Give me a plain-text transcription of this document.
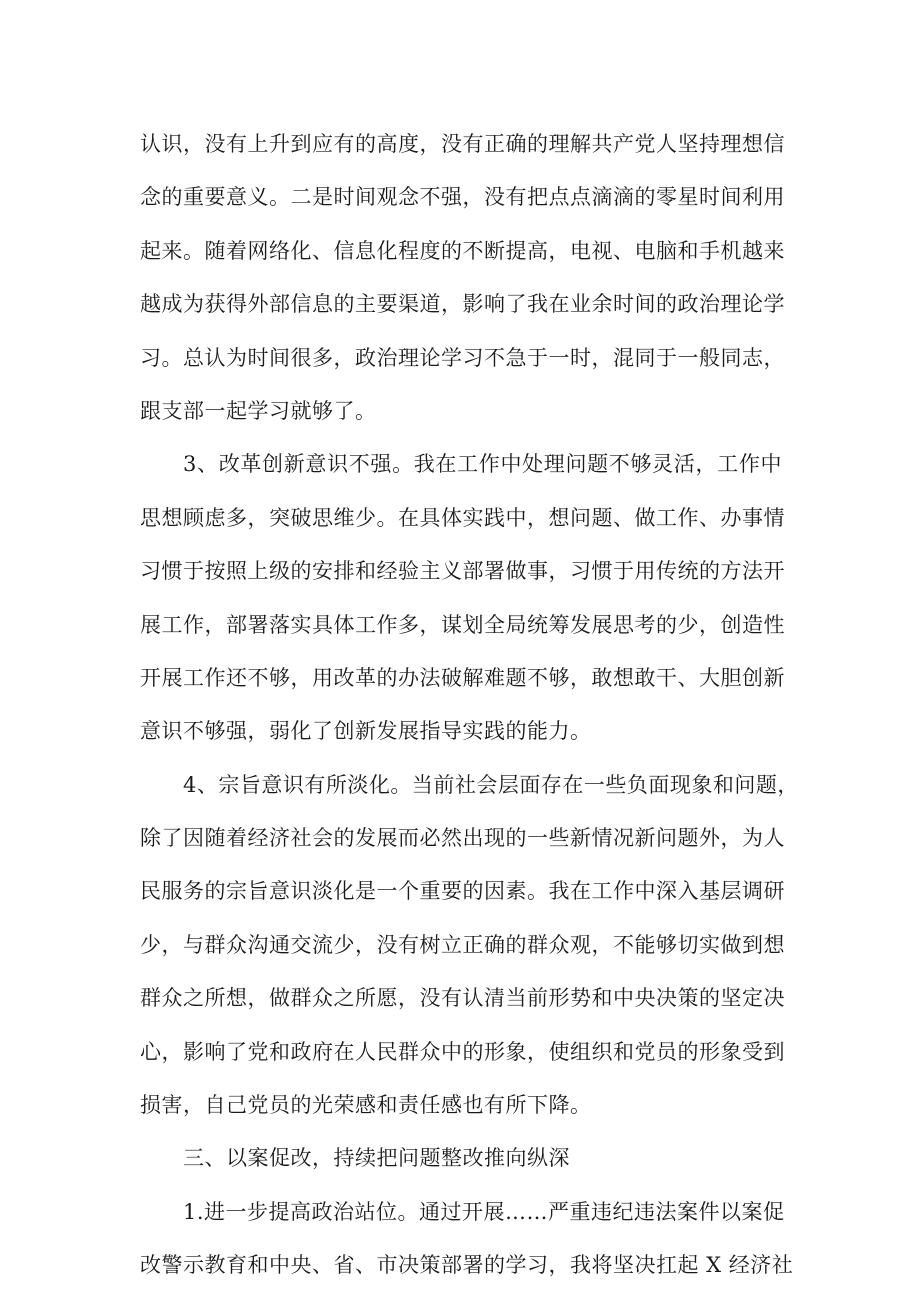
认识，没有上升到应有的高度，没有正确的理解共产党人坚持理想信
念的重要意义。二是时间观念不强，没有把点点滴滴的零星时间利用
起来。随着网络化、信息化程度的不断提高，电视、电脑和手机越来
越成为获得外部信息的主要渠道，影响了我在业余时间的政治理论学
习。总认为时间很多，政治理论学习不急于一时，混同于一般同志，
跟支部一起学习就够了。
3、改革创新意识不强。我在工作中处理问题不够灵活，工作中
思想顾虑多，突破思维少。在具体实践中，想问题、做工作、办事情
习惯于按照上级的安排和经验主义部署做事，习惯于用传统的方法开
展工作，部署落实具体工作多，谋划全局统筹发展思考的少，创造性
开展工作还不够，用改革的办法破解难题不够，敢想敢干、大胆创新
意识不够强，弱化了创新发展指导实践的能力。
4、宗旨意识有所淡化。当前社会层面存在一些负面现象和问题，
除了因随着经济社会的发展而必然出现的一些新情况新问题外，为人
民服务的宗旨意识淡化是一个重要的因素。我在工作中深入基层调研
少，与群众沟通交流少，没有树立正确的群众观，不能够切实做到想
群众之所想，做群众之所愿，没有认清当前形势和中央决策的坚定决
心，影响了党和政府在人民群众中的形象，使组织和党员的形象受到
损害，自己党员的光荣感和责任感也有所下降。
三、以案促改，持续把问题整改推向纵深
1.进一步提高政治站位。通过开展……严重违纪违法案件以案促
改警示教育和中央、省、市决策部署的学习，我将坚决扛起 X 经济社
